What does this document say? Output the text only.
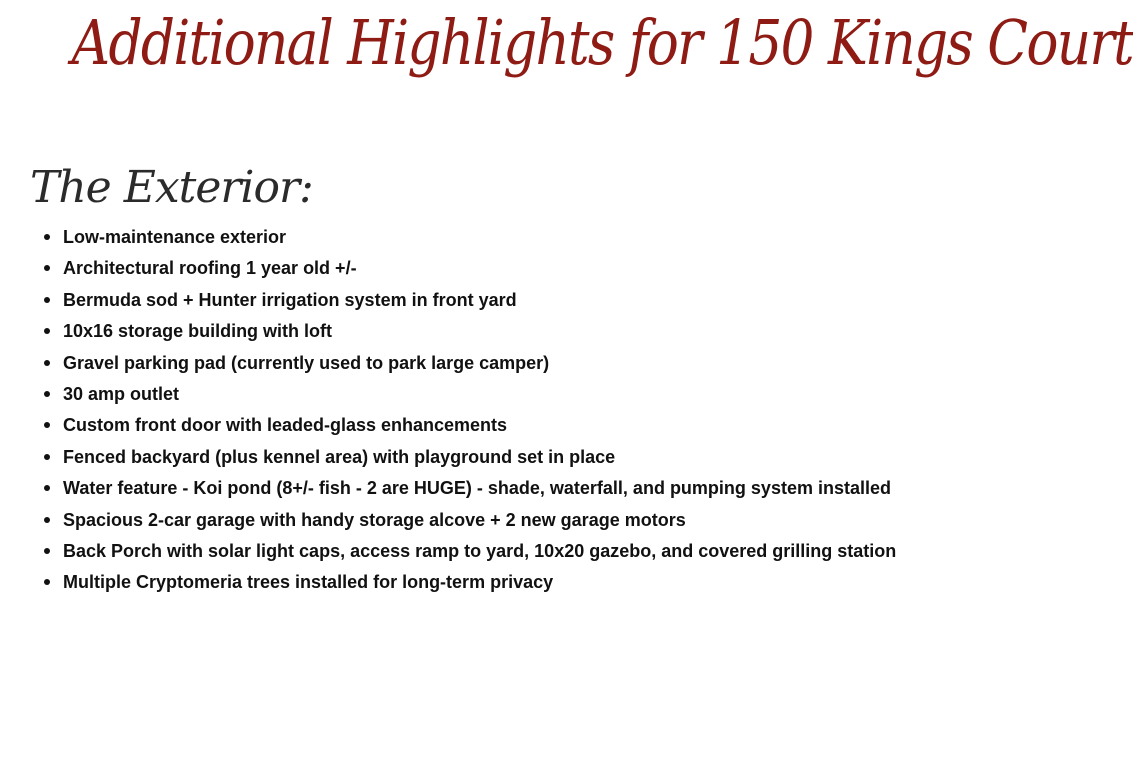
Additional Highlights for 150 Kings Court
The Exterior:
Low-maintenance exterior
Architectural roofing 1 year old +/-
Bermuda sod + Hunter irrigation system in front yard
10x16 storage building with loft
Gravel parking pad (currently used to park large camper)
30 amp outlet
Custom front door with leaded-glass enhancements
Fenced backyard (plus kennel area) with playground set in place
Water feature - Koi pond (8+/- fish - 2 are HUGE) - shade, waterfall, and pumping system installed
Spacious 2-car garage with handy storage alcove + 2 new garage motors
Back Porch with solar light caps, access ramp to yard, 10x20 gazebo, and covered grilling station
Multiple Cryptomeria trees installed for long-term privacy
